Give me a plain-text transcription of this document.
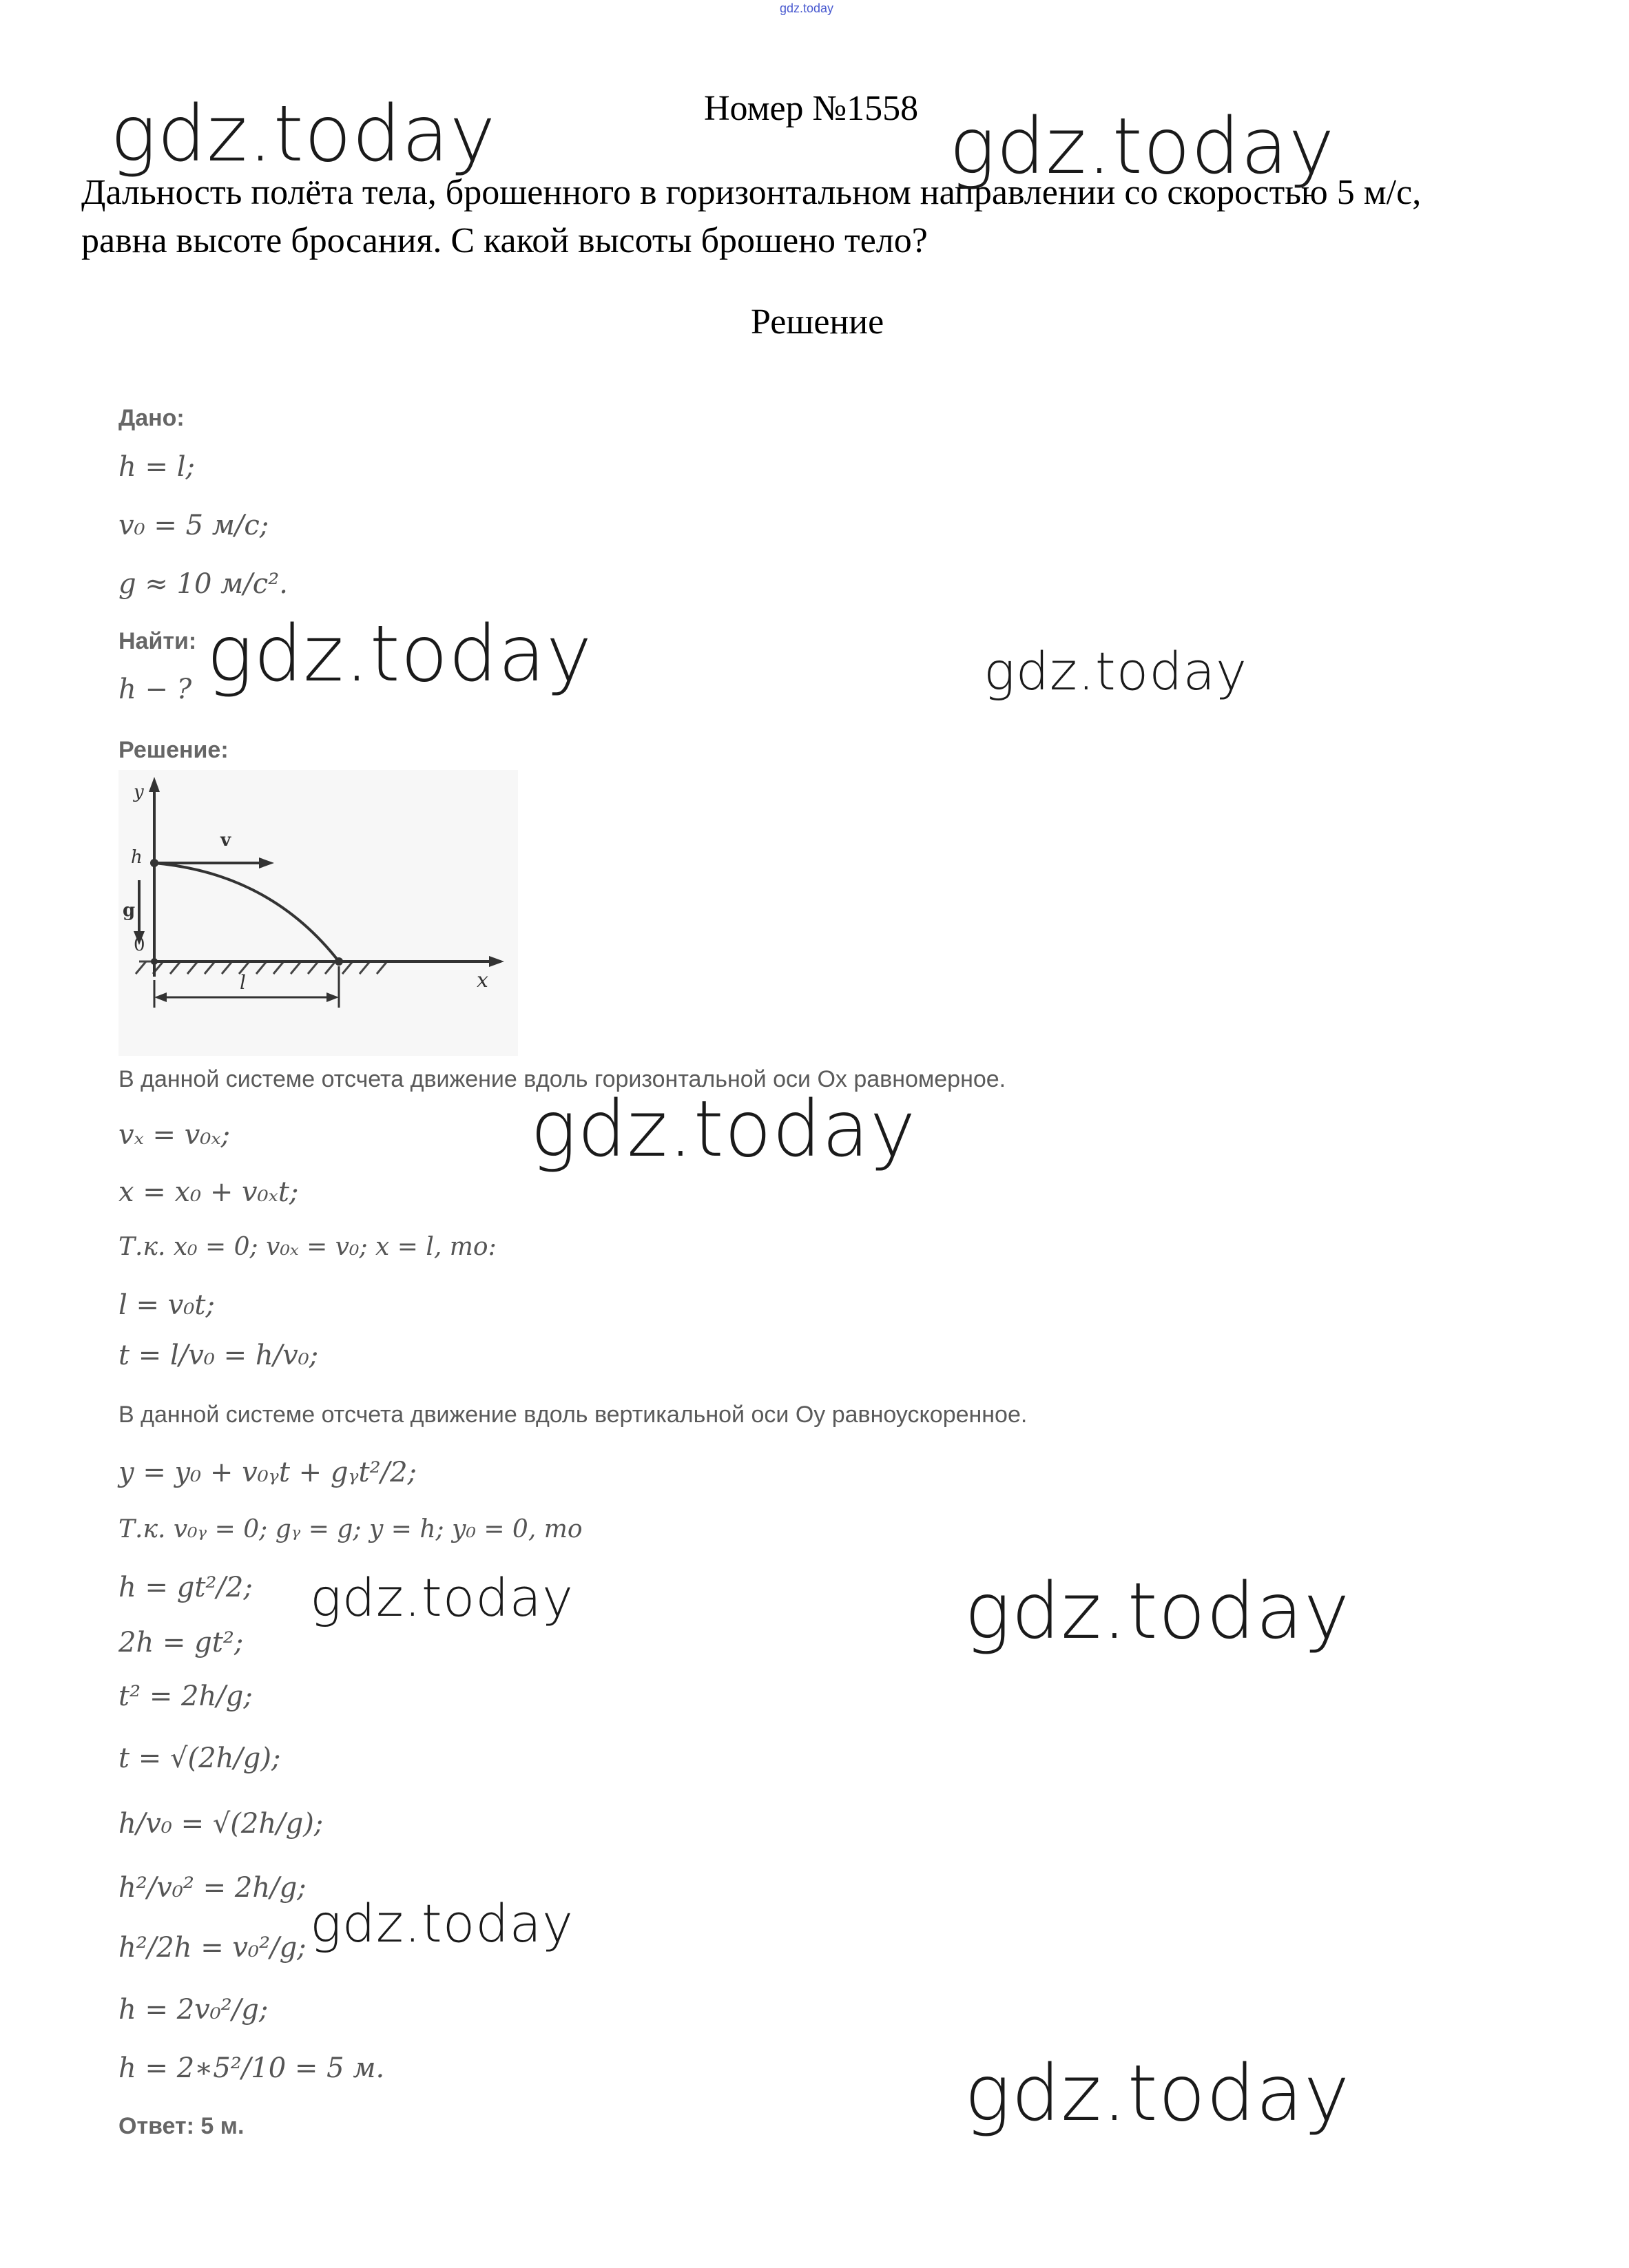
gdz.today
Номер №1558
Дальность полёта тела, брошенного в горизонтальном направлении со скоростью 5 м/с, равна высоте бросания. С какой высоты брошено тело?
Решение
gdz.today	gdz.today
gdz.today	gdz.today
gdz.today
gdz.today	gdz.today
gdz.today
gdz.today
Дано:
h = l;
v₀ = 5 м/с;
g ≈ 10 м/с².
Найти:
h − ?
Решение:
y
h
g
0
v
l	x
В данной системе отсчета движение вдоль горизонтальной оси Ox равномерное.
vₓ = v₀ₓ;
x = x₀ + v₀ₓt;
Т.к. x₀ = 0; v₀ₓ = v₀; x = l, то:
l = v₀t;
t = l/v₀ = h/v₀;
В данной системе отсчета движение вдоль вертикальной оси Oy равноускоренное.
y = y₀ + v₀ᵧt + gᵧt²/2;
Т.к. v₀ᵧ = 0; gᵧ = g; y = h; y₀ = 0, то
h = gt²/2;
2h = gt²;
t² = 2h/g;
t = √(2h/g);
h/v₀ = √(2h/g);
h²/v₀² = 2h/g;
h²/2h = v₀²/g;
h = 2v₀²/g;
h = 2∗5²/10 = 5 м.
Ответ: 5 м.
